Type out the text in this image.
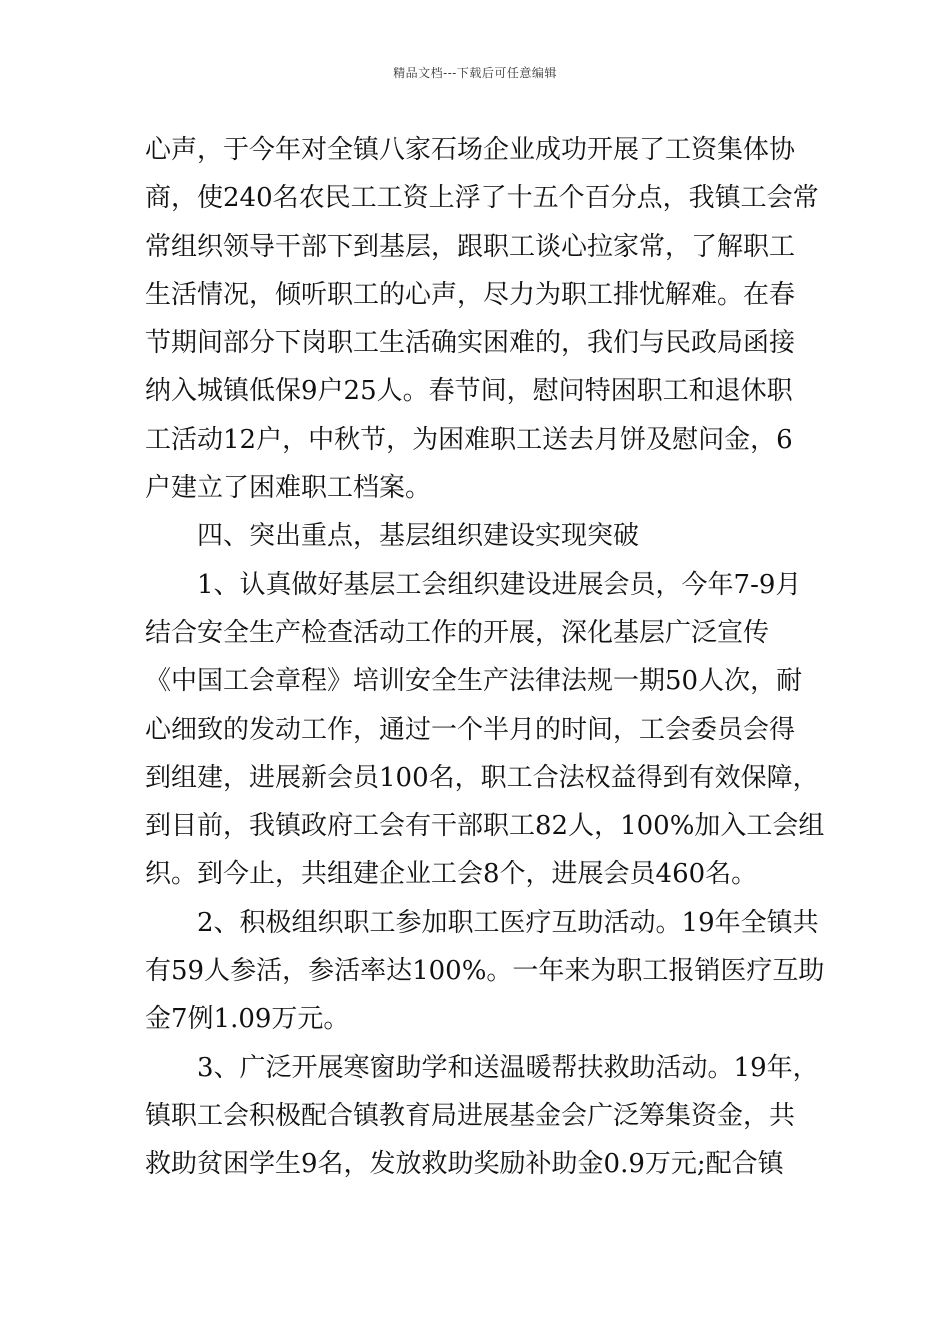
精品文档---下载后可任意编辑
心声，于今年对全镇八家石场企业成功开展了工资集体协
商，使240名农民工工资上浮了十五个百分点，我镇工会常
常组织领导干部下到基层，跟职工谈心拉家常，了解职工
生活情况，倾听职工的心声，尽力为职工排忧解难。在春
节期间部分下岗职工生活确实困难的，我们与民政局函接
纳入城镇低保9户25人。春节间，慰问特困职工和退休职
工活动12户，中秋节，为困难职工送去月饼及慰问金，6
户建立了困难职工档案。
四、突出重点，基层组织建设实现突破
1、认真做好基层工会组织建设进展会员，今年7-9月
结合安全生产检查活动工作的开展，深化基层广泛宣传
《中国工会章程》培训安全生产法律法规一期50人次，耐
心细致的发动工作，通过一个半月的时间，工会委员会得
到组建，进展新会员100名，职工合法权益得到有效保障，
到目前，我镇政府工会有干部职工82人，100%加入工会组
织。到今止，共组建企业工会8个，进展会员460名。
2、积极组织职工参加职工医疗互助活动。19年全镇共
有59人参活，参活率达100%。一年来为职工报销医疗互助
金7例1.09万元。
3、广泛开展寒窗助学和送温暖帮扶救助活动。19年，
镇职工会积极配合镇教育局进展基金会广泛筹集资金，共
救助贫困学生9名，发放救助奖励补助金0.9万元;配合镇
